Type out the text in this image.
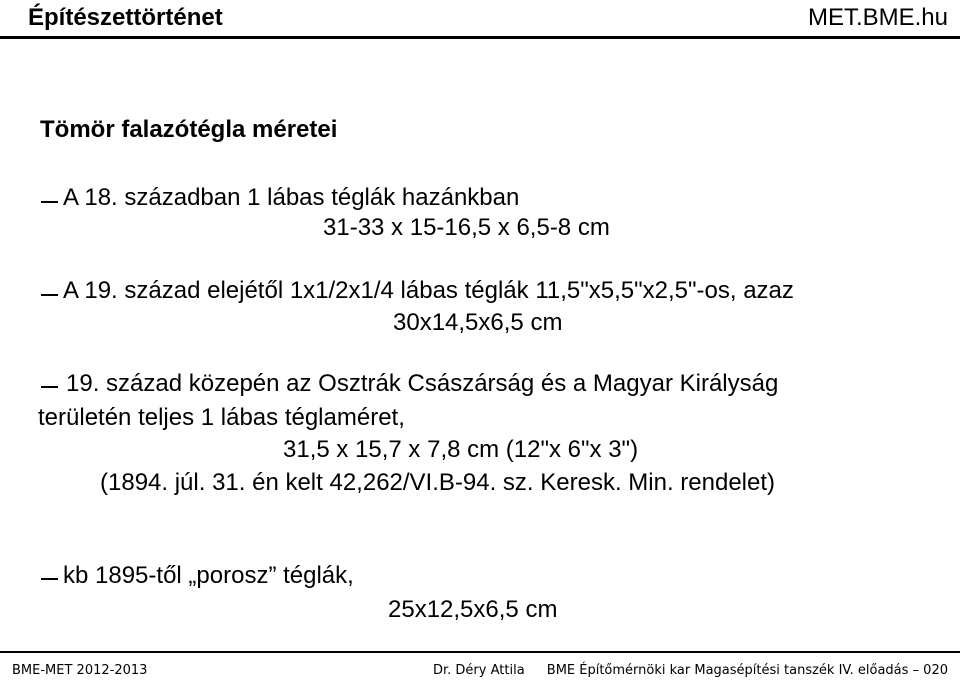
Építészettörténet	MET.BME.hu
Tömör falazótégla méretei
A 18. században 1 lábas téglák hazánkban
31-33 x 15-16,5 x 6,5-8 cm
A 19. század elejétől 1x1/2x1/4 lábas téglák 11,5"x5,5"x2,5"-os, azaz
30x14,5x6,5 cm
19. század közepén az Osztrák Császárság és a Magyar Királyság
területén teljes 1 lábas téglaméret,
31,5 x 15,7 x 7,8 cm (12"x 6"x 3")
(1894. júl. 31. én kelt 42,262/VI.B-94. sz. Keresk. Min. rendelet)
kb 1895-től „porosz” téglák,
25x12,5x6,5 cm
BME-MET 2012-2013	Dr. Déry Attila BME Építőmérnöki kar Magasépítési tanszék IV. előadás – 020
